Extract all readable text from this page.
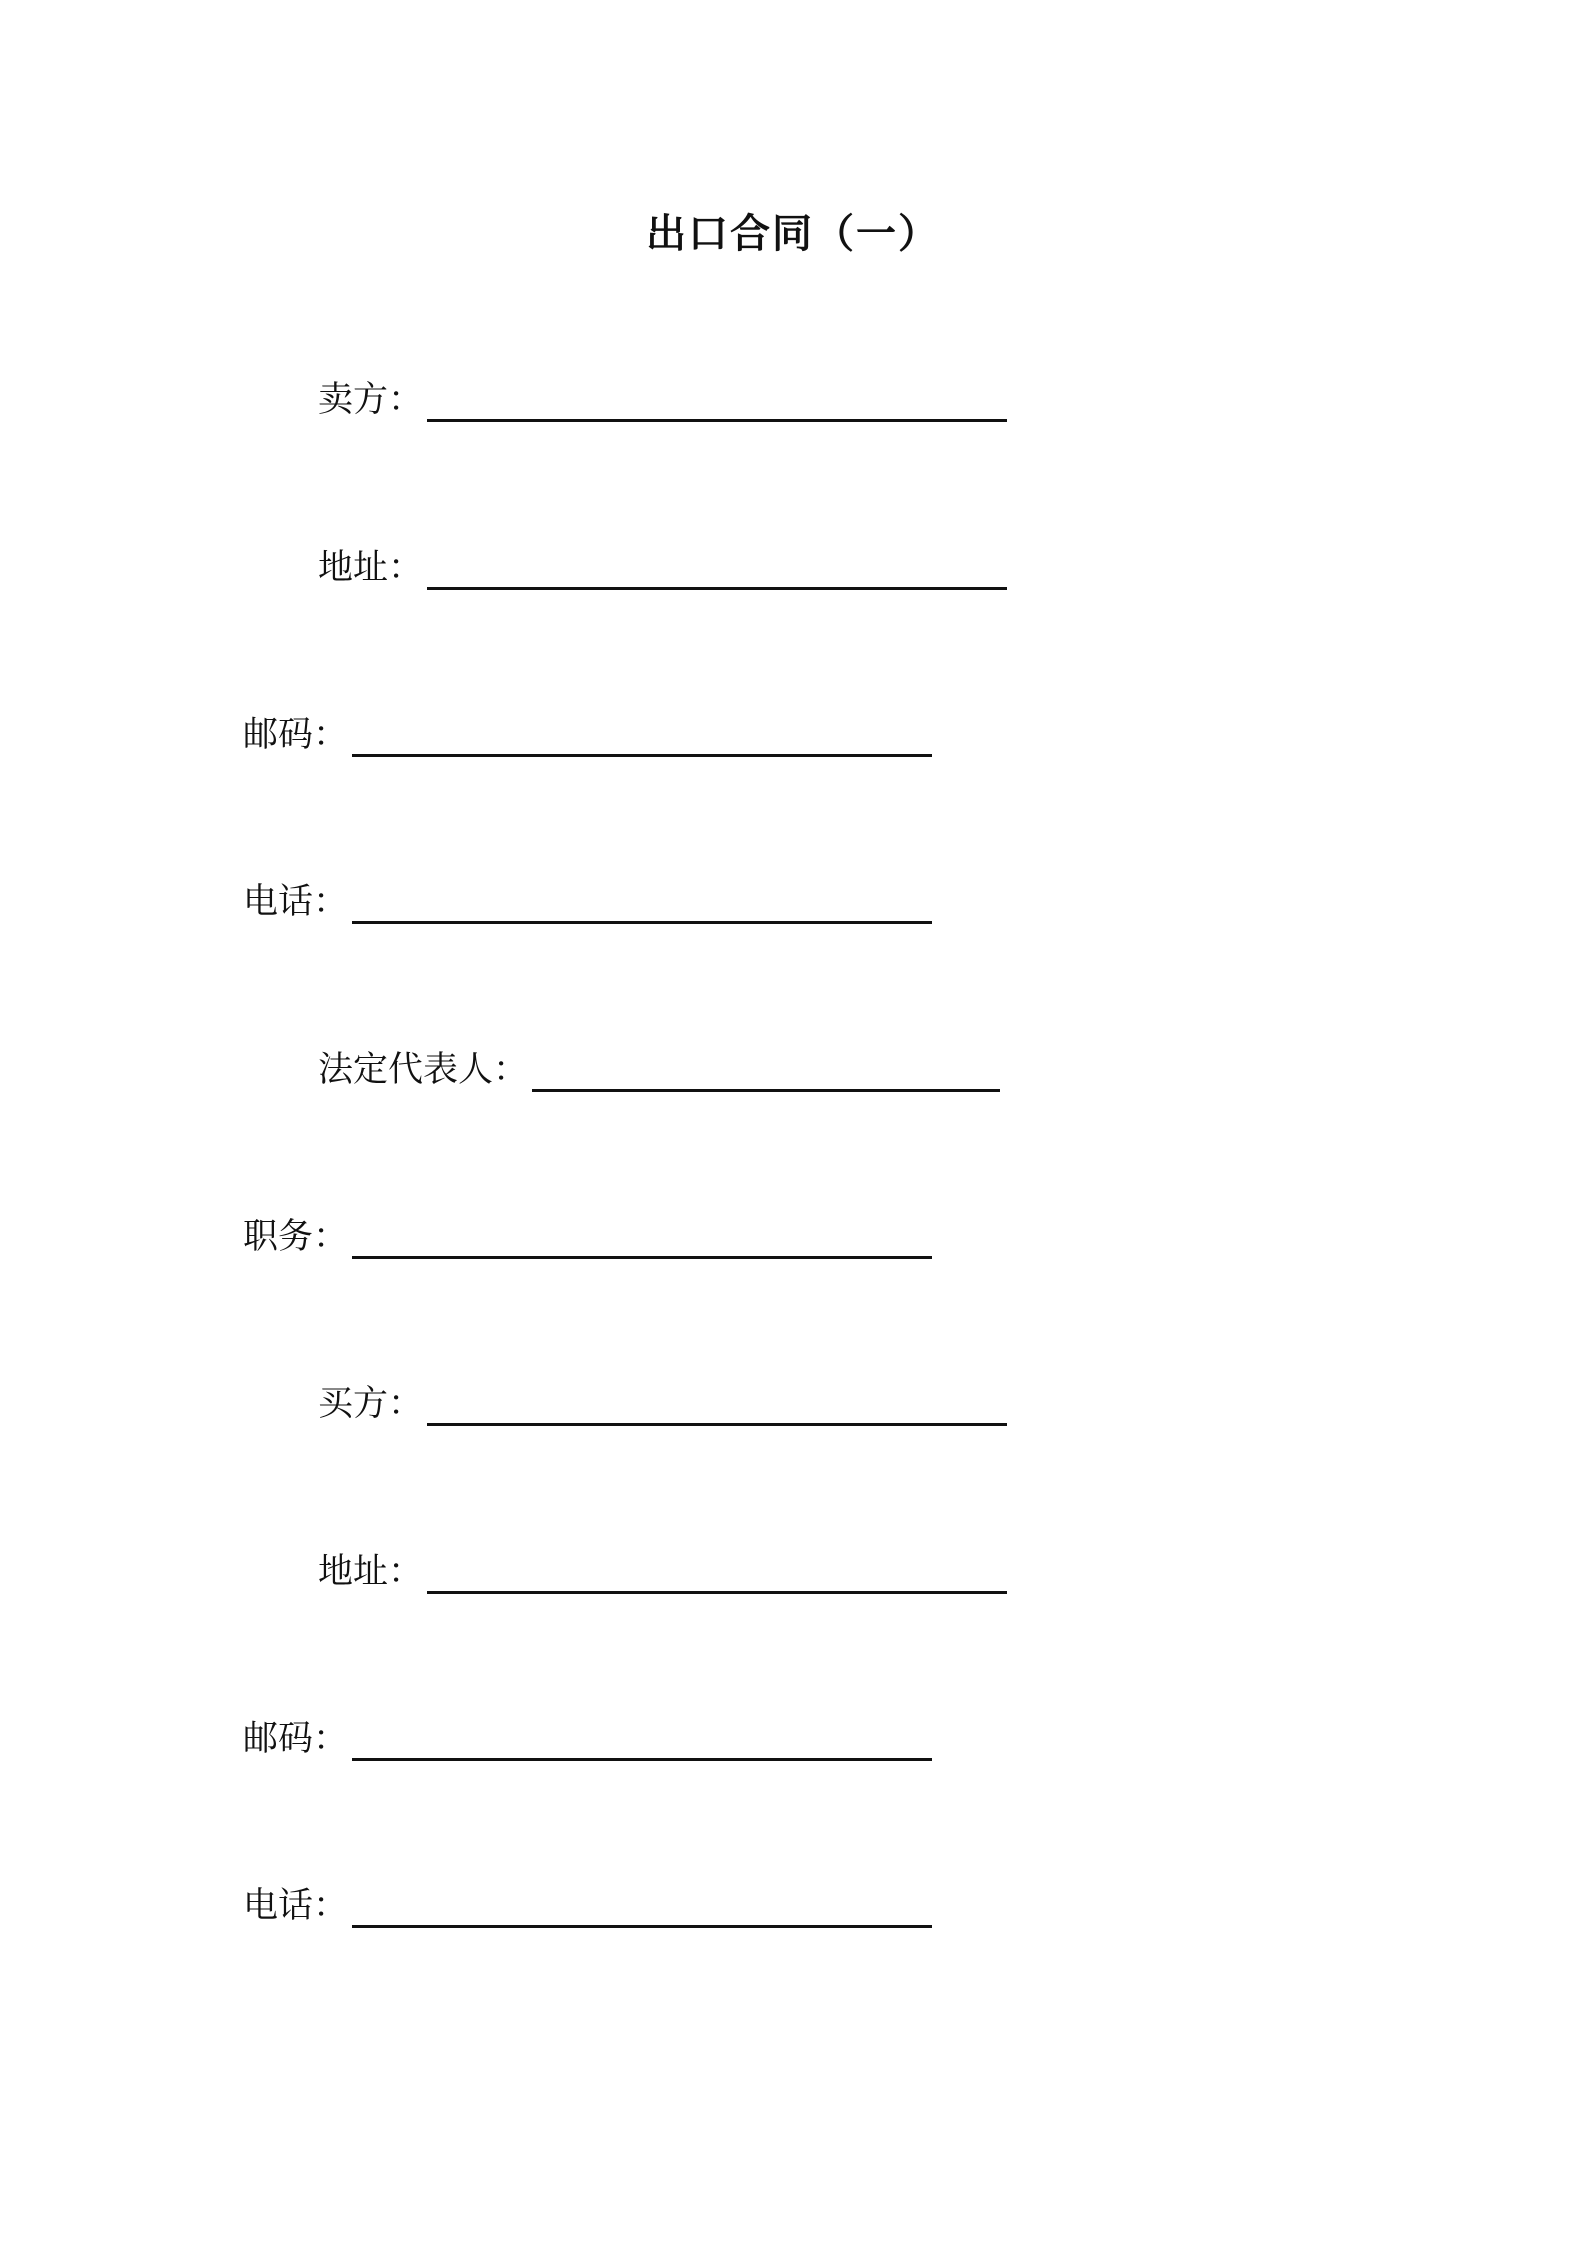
出口合同（一）
卖方：
地址：
邮码：
电话：
法定代表人：
职务：
买方：
地址：
邮码：
电话：
